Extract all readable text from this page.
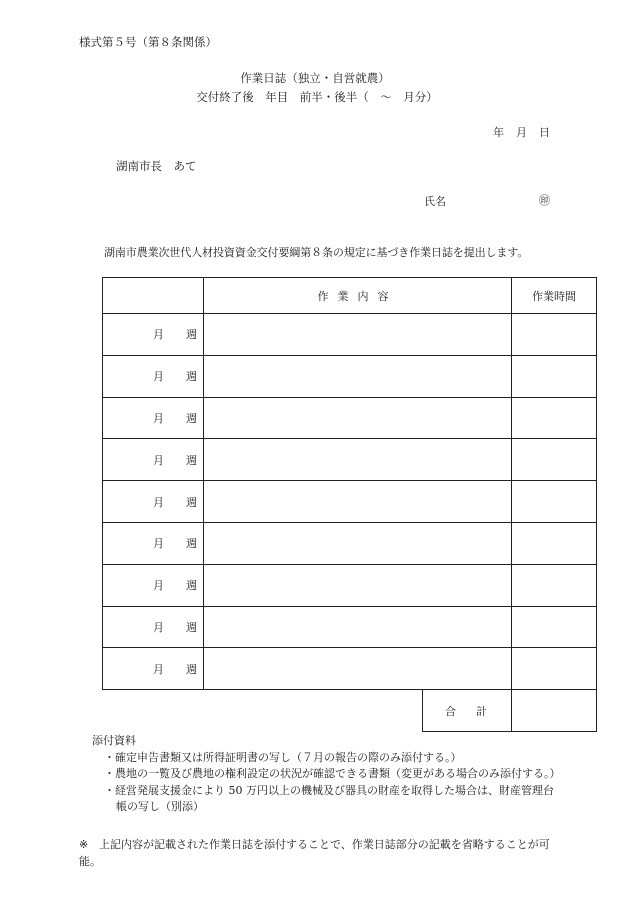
様式第５号（第８条関係）
作業日誌（独立・自営就農）
交付終了後　年目　前半・後半（　～　月分）
年 月 日
湖南市長　あて
氏名	㊞
湖南市農業次世代人材投資資金交付要綱第８条の規定に基づき作業日誌を提出します。
	作業内容	作業時間
月 週		
月 週		
月 週		
月 週		
月 週		
月 週		
月 週		
月 週		
月 週		

合計	

添付資料
・確定申告書類又は所得証明書の写し（７月の報告の際のみ添付する。）
・農地の一覧及び農地の権利設定の状況が確認できる書類（変更がある場合のみ添付する。）
・経営発展支援金により 50 万円以上の機械及び器具の財産を取得した場合は、財産管理台帳の写し（別添）
※ 上記内容が記載された作業日誌を添付することで、作業日誌部分の記載を省略することが可能。
